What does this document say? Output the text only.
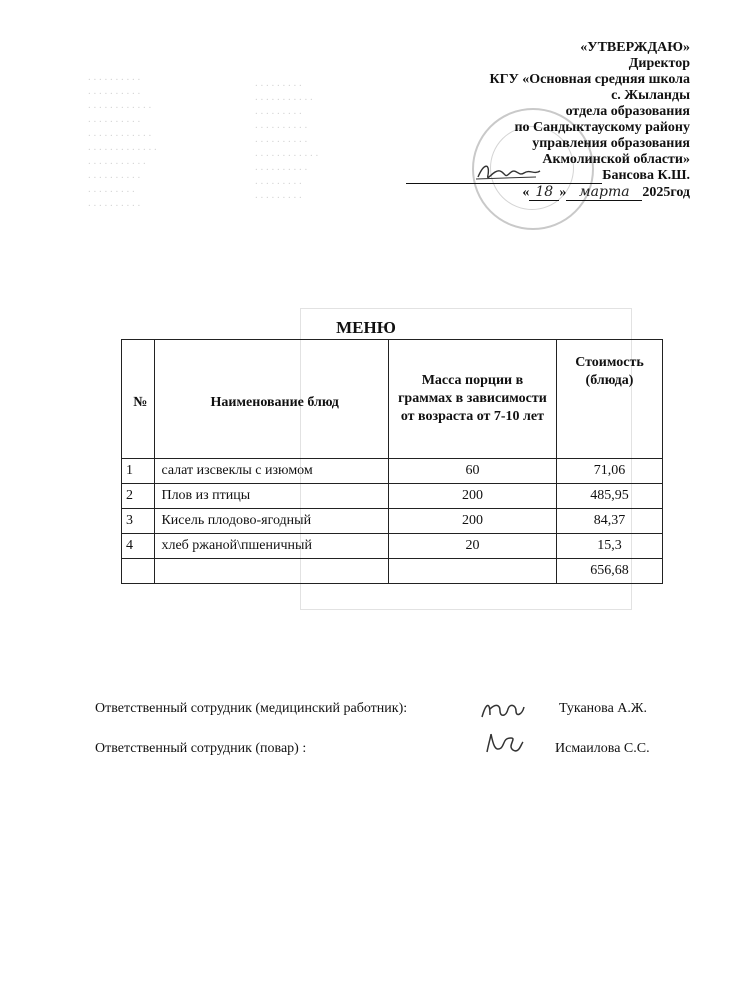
. . . . . . . . . .
. . . . . . . . . .
. . . . . . . . . . . .
. . . . . . . . . .
. . . . . . . . . . . .
. . . . . . . . . . . . .
. . . . . . . . . . .
. . . . . . . . . .
. . . . . . . . .
. . . . . . . . . .
. . . . . . . . .
. . . . . . . . . . .
. . . . . . . . .
. . . . . . . . . .
. . . . . . . . . .
. . . . . . . . . . . .
. . . . . . . . . .
. . . . . . . . .
. . . . . . . . .
«УТВЕРЖДАЮ»
Директор
КГУ «Основная средняя школа
с. Жыланды
отдела образования
по Сандыктаускому району
управления образования
Акмолинской области»
Бансова К.Ш.
« 18 » марта 2025год
МЕНЮ
№	Наименование блюд	Масса порции в граммах в зависимости от возраста от 7-10 лет	Стоимость (блюда)
1	салат изсвеклы с изюмом	60	71,06
2	Плов из птицы	200	485,95
3	Кисель плодово-ягодный	200	84,37
4	хлеб ржаной\пшеничный	20	15,3
			656,68
Ответственный сотрудник (медицинский работник):	Туканова А.Ж.
Ответственный сотрудник (повар) :	Исмаилова С.С.
